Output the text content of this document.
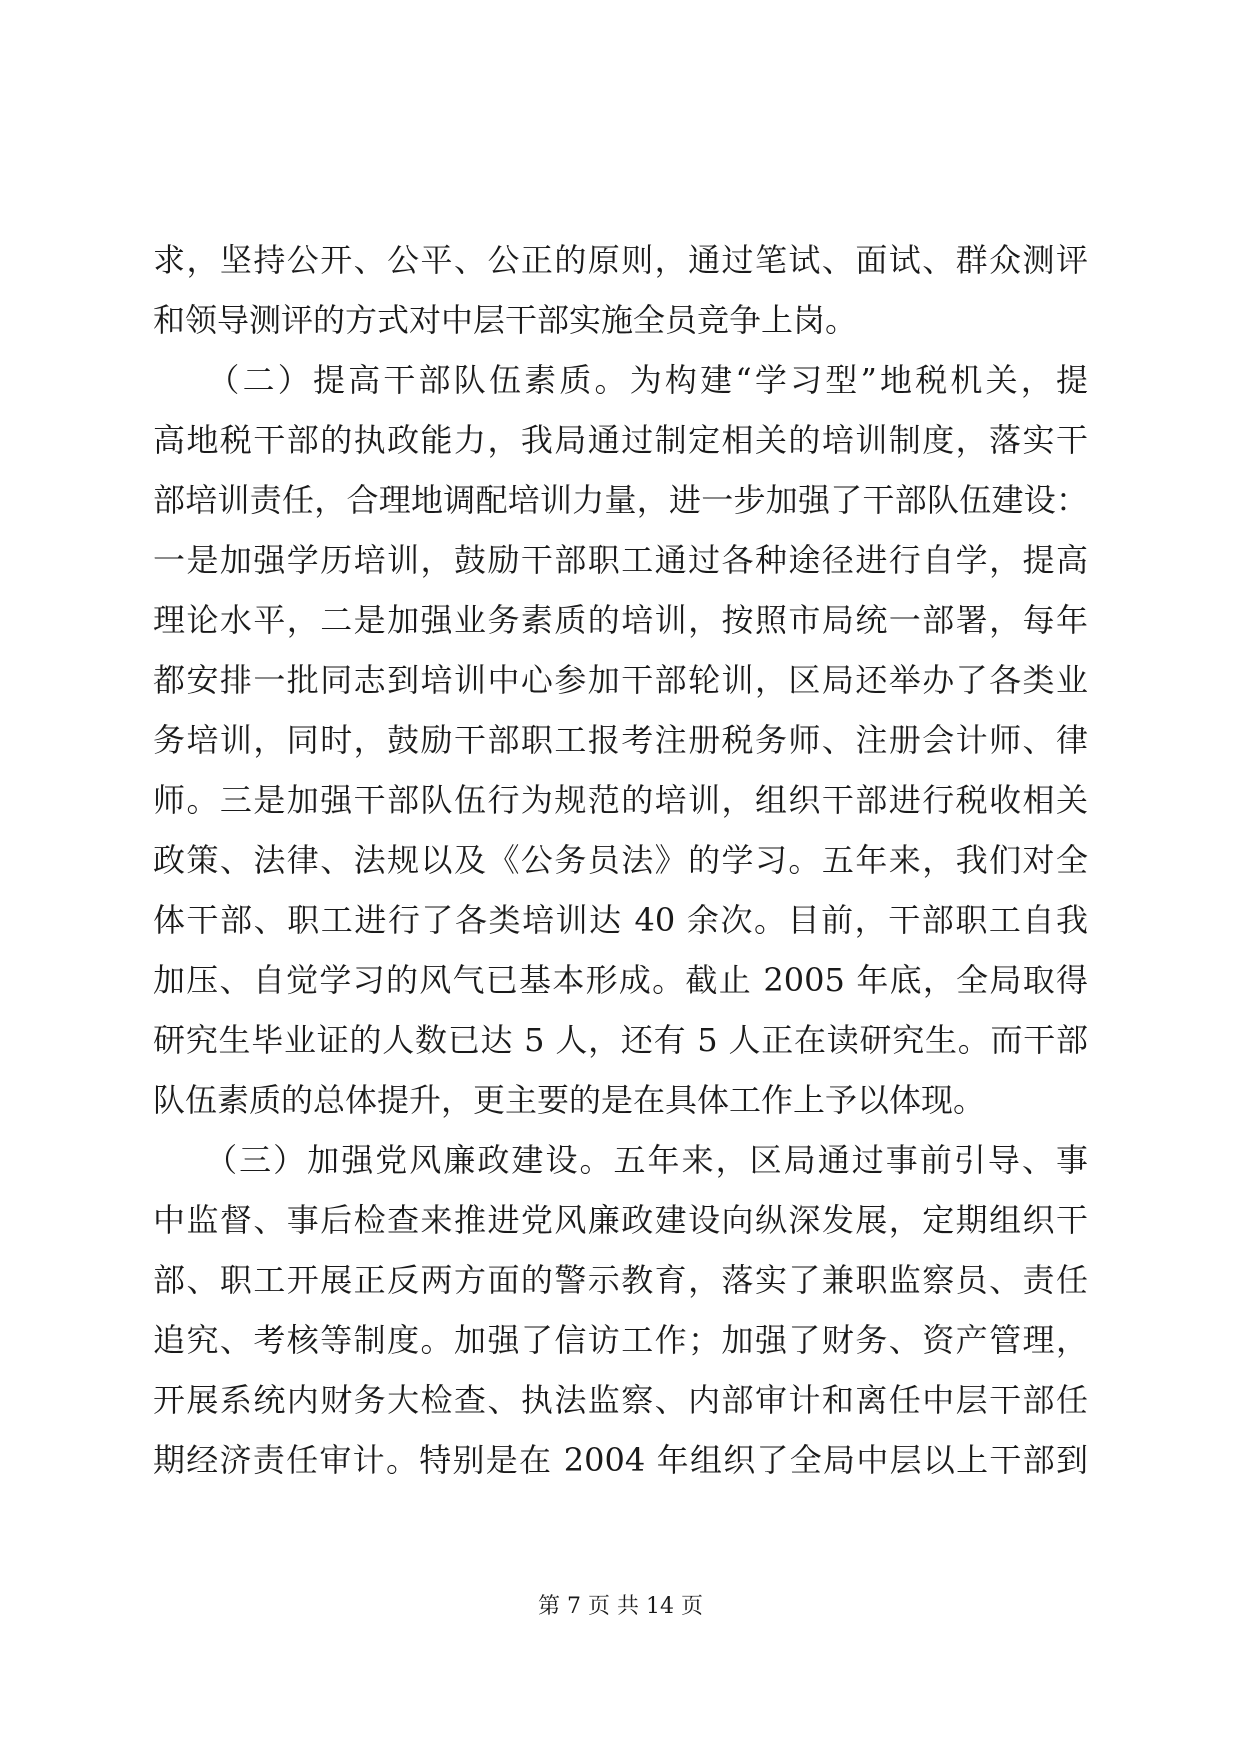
求，坚持公开、公平、公正的原则，通过笔试、面试、群众测评
和领导测评的方式对中层干部实施全员竞争上岗。
　　（二）提高干部队伍素质。为构建“学习型”地税机关，提
高地税干部的执政能力，我局通过制定相关的培训制度，落实干
部培训责任，合理地调配培训力量，进一步加强了干部队伍建设：
一是加强学历培训，鼓励干部职工通过各种途径进行自学，提高
理论水平，二是加强业务素质的培训，按照市局统一部署，每年
都安排一批同志到培训中心参加干部轮训，区局还举办了各类业
务培训，同时，鼓励干部职工报考注册税务师、注册会计师、律
师。三是加强干部队伍行为规范的培训，组织干部进行税收相关
政策、法律、法规以及《公务员法》的学习。五年来，我们对全
体干部、职工进行了各类培训达 40 余次。目前，干部职工自我
加压、自觉学习的风气已基本形成。截止 2005 年底，全局取得
研究生毕业证的人数已达 5 人，还有 5 人正在读研究生。而干部
队伍素质的总体提升，更主要的是在具体工作上予以体现。
　　（三）加强党风廉政建设。五年来，区局通过事前引导、事
中监督、事后检查来推进党风廉政建设向纵深发展，定期组织干
部、职工开展正反两方面的警示教育，落实了兼职监察员、责任
追究、考核等制度。加强了信访工作；加强了财务、资产管理，
开展系统内财务大检查、执法监察、内部审计和离任中层干部任
期经济责任审计。特别是在 2004 年组织了全局中层以上干部到
第 7 页 共 14 页
